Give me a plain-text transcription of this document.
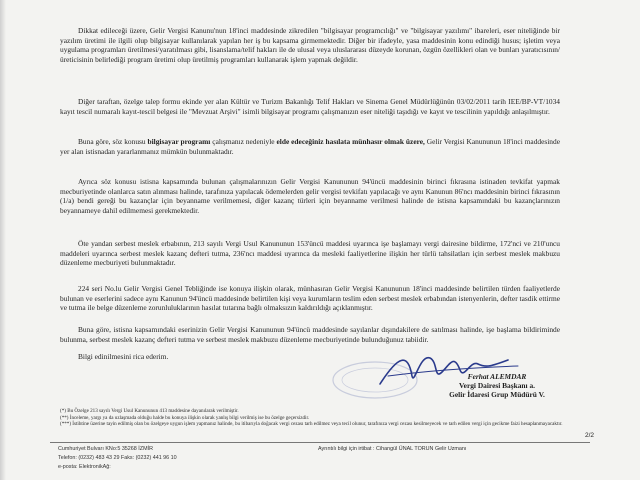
Dikkat edileceği üzere, Gelir Vergisi Kanunu'nun 18'inci maddesinde zikredilen "bilgisayar programcılığı" ve "bilgisayar yazılımı" ibareleri, eser niteliğinde bir yazılım üretimi ile ilgili olup bilgisayar kullanılarak yapılan her iş bu kapsama girmemektedir. Diğer bir ifadeyle, yasa maddesinin konu edindiği husus; işletim veya uygulama programları üretilmesi/yaratılması gibi, lisanslama/telif hakları ile de ulusal veya uluslararası düzeyde korunan, özgün özellikleri olan ve bunları yaratıcısının/üreticisinin belirlediği program üretimi olup üretilmiş programları kullanarak işlem yapmak değildir.
Diğer taraftan, özelge talep formu ekinde yer alan Kültür ve Turizm Bakanlığı Telif Hakları ve Sinema Genel Müdürlüğünün 03/02/2011 tarih IEE/BP-VT/1034 kayıt tescil numaralı kayıt-tescil belgesi ile "Mevzuat Arşivi" isimli bilgisayar programı çalışmanızın eser niteliği taşıdığı ve kayıt ve tescilinin yapıldığı anlaşılmıştır.
Buna göre, söz konusu bilgisayar programı çalışmanız nedeniyle elde edeceğiniz hasılata münhasır olmak üzere, Gelir Vergisi Kanununun 18'inci maddesinde yer alan istisnadan yararlanmanız mümkün bulunmaktadır.
Ayrıca söz konusu istisna kapsamında bulunan çalışmalarınızın Gelir Vergisi Kanununun 94'üncü maddesinin birinci fıkrasına istinaden tevkifat yapmak mecburiyetinde olanlarca satın alınması halinde, tarafınıza yapılacak ödemelerden gelir vergisi tevkifatı yapılacağı ve aynı Kanunun 86'ncı maddesinin birinci fıkrasının (1/a) bendi gereği bu kazançlar için beyanname verilmemesi, diğer kazanç türleri için beyanname verilmesi halinde de istisna kapsamındaki bu kazançlarınızın beyannameye dahil edilmemesi gerekmektedir.
Öte yandan serbest meslek erbabının, 213 sayılı Vergi Usul Kanununun 153'üncü maddesi uyarınca işe başlamayı vergi dairesine bildirme, 172'nci ve 210'uncu maddeleri uyarınca serbest meslek kazanç defteri tutma, 236'ncı maddesi uyarınca da mesleki faaliyetlerine ilişkin her türlü tahsilatları için serbest meslek makbuzu düzenleme mecburiyeti bulunmaktadır.
224 seri No.lu Gelir Vergisi Genel Tebliğinde ise konuya ilişkin olarak, münhasıran Gelir Vergisi Kanununun 18'inci maddesinde belirtilen türden faaliyetlerde bulunan ve eserlerini sadece aynı Kanunun 94'üncü maddesinde belirtilen kişi veya kurumların teslim eden serbest meslek erbabından istenyenlerin, defter tasdik ettirme ve tutma ile belge düzenleme zorunluluklarının hasılat tutarına bağlı olmaksızın kaldırıldığı açıklanmıştır.
Buna göre, istisna kapsamındaki eserinizin Gelir Vergisi Kanununun 94'üncü maddesinde sayılanlar dışındakilere de satılması halinde, işe başlama bildiriminde bulunma, serbest meslek kazanç defteri tutma ve serbest meslek makbuzu düzenleme mecburiyetinde bulunduğunuz tabiidir.
Bilgi edinilmesini rica ederim.
Ferhat ALEMDAR
Vergi Dairesi Başkanı a.
Gelir İdaresi Grup Müdürü V.
(*) Bu Özelge 213 sayılı Vergi Usul Kanununun 413 maddesine dayanılarak verilmiştir.
(**) İnceleme, yargı ya da uzlaşmada olduğu halde bu konuya ilişkin olarak yanlış bilgi verilmiş ise bu özelge geçersizdir.
(***) İstihtine üzerine tayin edilmiş olan bu özelgeye uygun işlem yapmanız halinde, bu itibarıyla doğacak vergi cezası tarh edilmez veya tecil olunur, tarafınıza vergi cezası kesilmeyecek ve tarh edilen vergi için gecikme faizi hesaplanmayacaktır.
2/2
Cumhuriyet Bulvarı KNo:5 35268 İZMİR
Telefon: (0232) 483 43 29 Faks: (0232) 441 96 10
e-posta: ElektronikAğ:
Ayrıntılı bilgi için irtibat : Cihangül ÜNAL TORUN Gelir Uzmanı
